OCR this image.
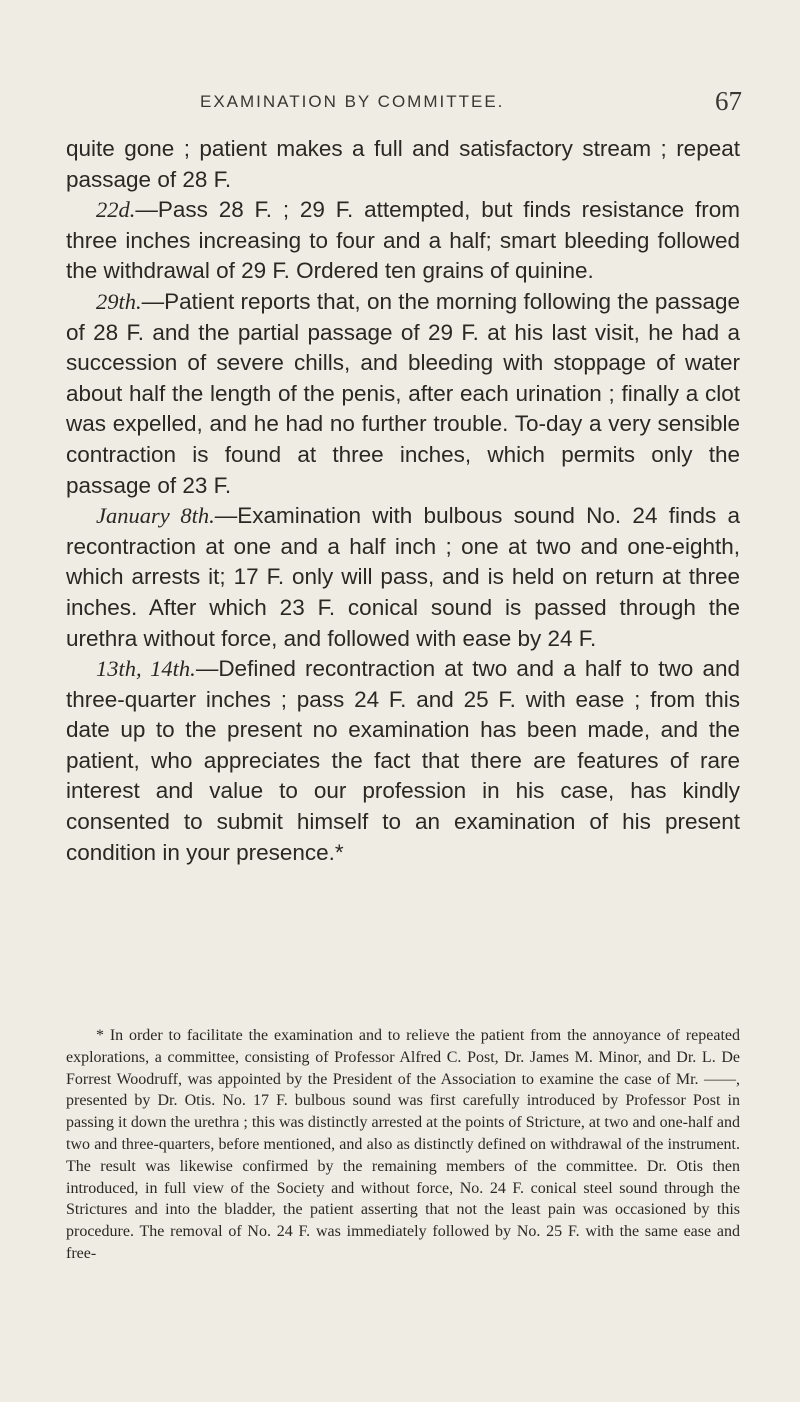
EXAMINATION BY COMMITTEE.	67

quite gone ; patient makes a full and satisfactory stream ; repeat passage of 28 F.

22d.—Pass 28 F. ; 29 F. attempted, but finds resistance from three inches increasing to four and a half; smart bleeding followed the withdrawal of 29 F. Ordered ten grains of quinine.

29th.—Patient reports that, on the morning following the passage of 28 F. and the partial passage of 29 F. at his last visit, he had a succession of severe chills, and bleeding with stoppage of water about half the length of the penis, after each urination ; finally a clot was expelled, and he had no further trouble. To-day a very sensible contraction is found at three inches, which permits only the passage of 23 F.

January 8th.—Examination with bulbous sound No. 24 finds a recontraction at one and a half inch ; one at two and one-eighth, which arrests it; 17 F. only will pass, and is held on return at three inches. After which 23 F. conical sound is passed through the urethra without force, and followed with ease by 24 F.

13th, 14th.—Defined recontraction at two and a half to two and three-quarter inches ; pass 24 F. and 25 F. with ease ; from this date up to the present no examination has been made, and the patient, who appreciates the fact that there are features of rare interest and value to our profession in his case, has kindly consented to submit himself to an examination of his present condition in your presence.*

* In order to facilitate the examination and to relieve the patient from the annoyance of repeated explorations, a committee, consisting of Professor Alfred C. Post, Dr. James M. Minor, and Dr. L. De Forrest Woodruff, was appointed by the President of the Association to examine the case of Mr. ——, presented by Dr. Otis. No. 17 F. bulbous sound was first carefully introduced by Professor Post in passing it down the urethra ; this was distinctly arrested at the points of Stricture, at two and one-half and two and three-quarters, before mentioned, and also as distinctly defined on withdrawal of the instrument. The result was likewise confirmed by the remaining members of the committee. Dr. Otis then introduced, in full view of the Society and without force, No. 24 F. conical steel sound through the Strictures and into the bladder, the patient asserting that not the least pain was occasioned by this procedure. The removal of No. 24 F. was immediately followed by No. 25 F. with the same ease and free-
